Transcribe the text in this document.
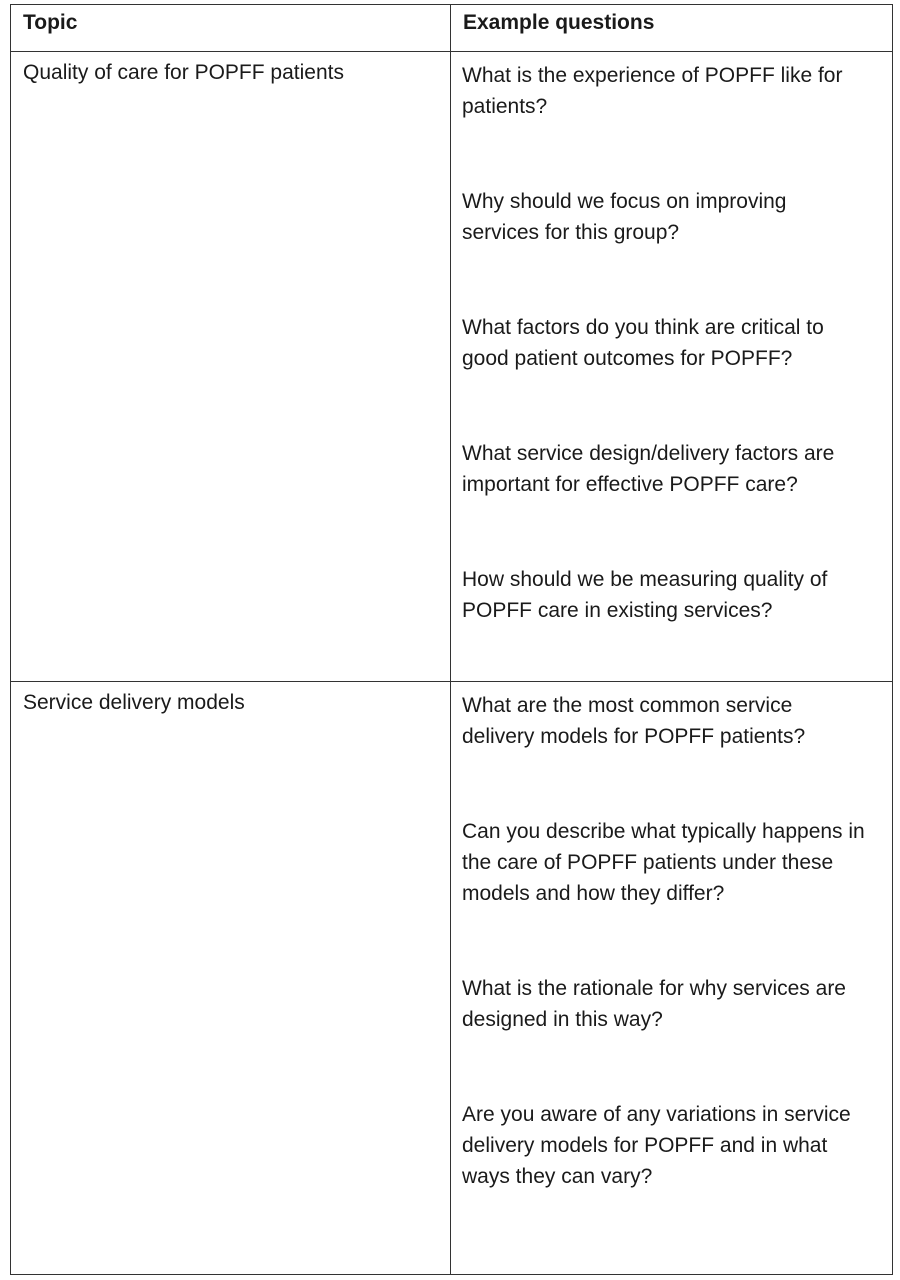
Topic	Example questions
Quality of care for POPFF patients	What is the experience of POPFF like for patients?

Why should we focus on improving services for this group?

What factors do you think are critical to good patient outcomes for POPFF?

What service design/delivery factors are important for effective POPFF care?

How should we be measuring quality of POPFF care in existing services?

Service delivery models	What are the most common service delivery models for POPFF patients?

Can you describe what typically happens in the care of POPFF patients under these models and how they differ?

What is the rationale for why services are designed in this way?

Are you aware of any variations in service delivery models for POPFF and in what ways they can vary?
